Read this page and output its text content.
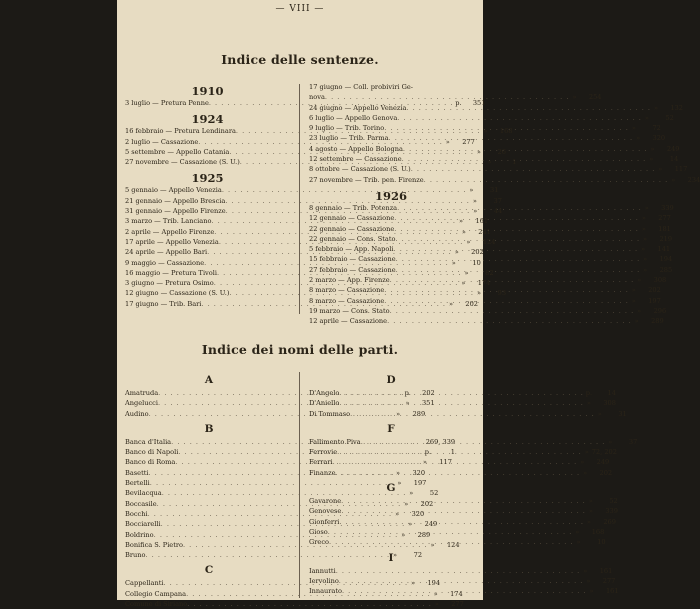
— VIII —
Indice delle sentenze.
1910
3 luglio — Pretura Penne . . .	p.	351
1924
16 febbraio — Pretura Lendinara . . .	»	168
2 luglio — Cassazione . . .	»	277
5 settembre — Appello Catania . . .	»	26
27 novembre — Cassazione (S. U.) . . .	»	1
1925
5 gennaio — Appello Venezia . . .	»	31
21 gennaio — Appello Brescia . . .	»	37
31 gennaio — Appello Firenze . . .	»	44
3 marzo — Trib. Lanciano . . .	»	161
2 aprile — Appello Firenze . . .	»	241
17 aprile — Appello Venezia . . .	»	124
24 aprile — Appello Bari . . .	»	202
9 maggio — Cassazione . . .	»	10
16 maggio — Pretura Tivoli . . .	»	82
3 giugno — Pretura Osimo . . .	»	174
12 giugno — Cassazione (S. U.) . . .	»	93
17 giugno — Trib. Bari . . .	»	202
17 giugno — Coll. probiviri Ge-
nova . . .	»	254
24 giugno — Appello Venezia . . .	»	132
6 luglio — Appello Genova . . .	»	52
9 luglio — Trib. Torino . . .	»	72
23 luglio — Trib. Parma . . .	»	320
4 agosto — Appello Bologna . . .	»	249
12 settembre — Cassazione . . .	»	14
8 ottobre — Cassazione (S. U.) . . .	»	117
27 novembre — Trib. pen. Firenze . . .	»	234
1926
8 gennaio — Trib. Potenza . . .	»	339
12 gennaio — Cassazione . . .	»	277
22 gennaio — Cassazione . . .	»	181
22 gennaio — Cons. Stato . . .	»	219
5 febbraio — App. Napoli . . .	»	141
15 febbraio — Cassazione . . .	»	194
27 febbraio — Cassazione . . .	»	285
2 marzo — App. Firenze . . .	»	308
8 marzo — Cassazione . . .	»	202
8 marzo — Cassazione . . .	»	197
19 marzo — Cons. Stato . . .	»	296
12 aprile — Cassazione . . .	»	289
Indice dei nomi delle parti.
A
Amatruda . . .	p.	202
Angelucci . . .	»	351
Audino . . .	»	289
B
Banca d'Italia . . .	269, 339
Banco di Napoli . . .	p.	1
Banco di Roma . . .	»	117
Basetti . . .	»	320
Bertelli . . .	»	197
Bevilacqua . . .	»	52
Boccasile . . .	»	202
Bocchi . . .	»	320
Bocciarelli . . .	»	249
Boldrino . . .	»	289
Bonifica S. Pietro . . .	»	124
Bruno . . .	»	72
C
Cappellanti . . .	»	194
Collegio Campana . . .	»	174
Comune di Siriano . . .	»	277
D
D'Angelo . . .	p.	14
D'Aniello . . .	»	308
Di Tommaso . . .	»	31
F
Fallimento Piva . . .	»	37
Ferrovie . . .	» 72, 202
Ferrari . . .	»	249
Finanze . . .	»	202
G
Gavarone . . .	»	52
Genovese . . .	»	339
Gionferri . . .	»	269
Gioso . . .	»	168
Greco . . .	»	10
I
Iannutti . . .	»	161
Iervolino . . .	»	277
Innaurato . . .	»	161
